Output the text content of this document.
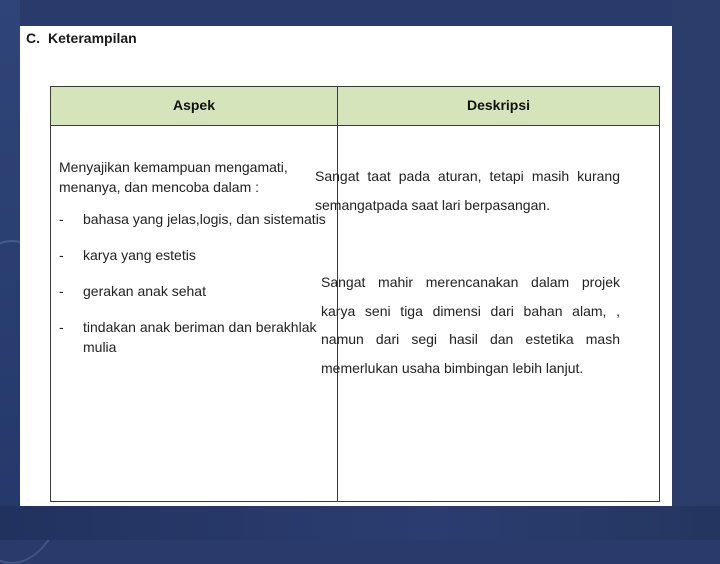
C. Keterampilan
Aspek	Deskripsi

Menyajikan kemampuan mengamati, menanya, dan mencoba dalam :

- bahasa yang jelas,logis, dan sistematis
- karya yang estetis
- gerakan anak sehat
- tindakan anak beriman dan berakhlak mulia

Sangat taat pada aturan, tetapi masih kurang semangatpada saat lari berpasangan.

Sangat mahir merencanakan dalam projek karya seni tiga dimensi dari bahan alam, , namun dari segi hasil dan estetika mash memerlukan usaha bimbingan lebih lanjut.
